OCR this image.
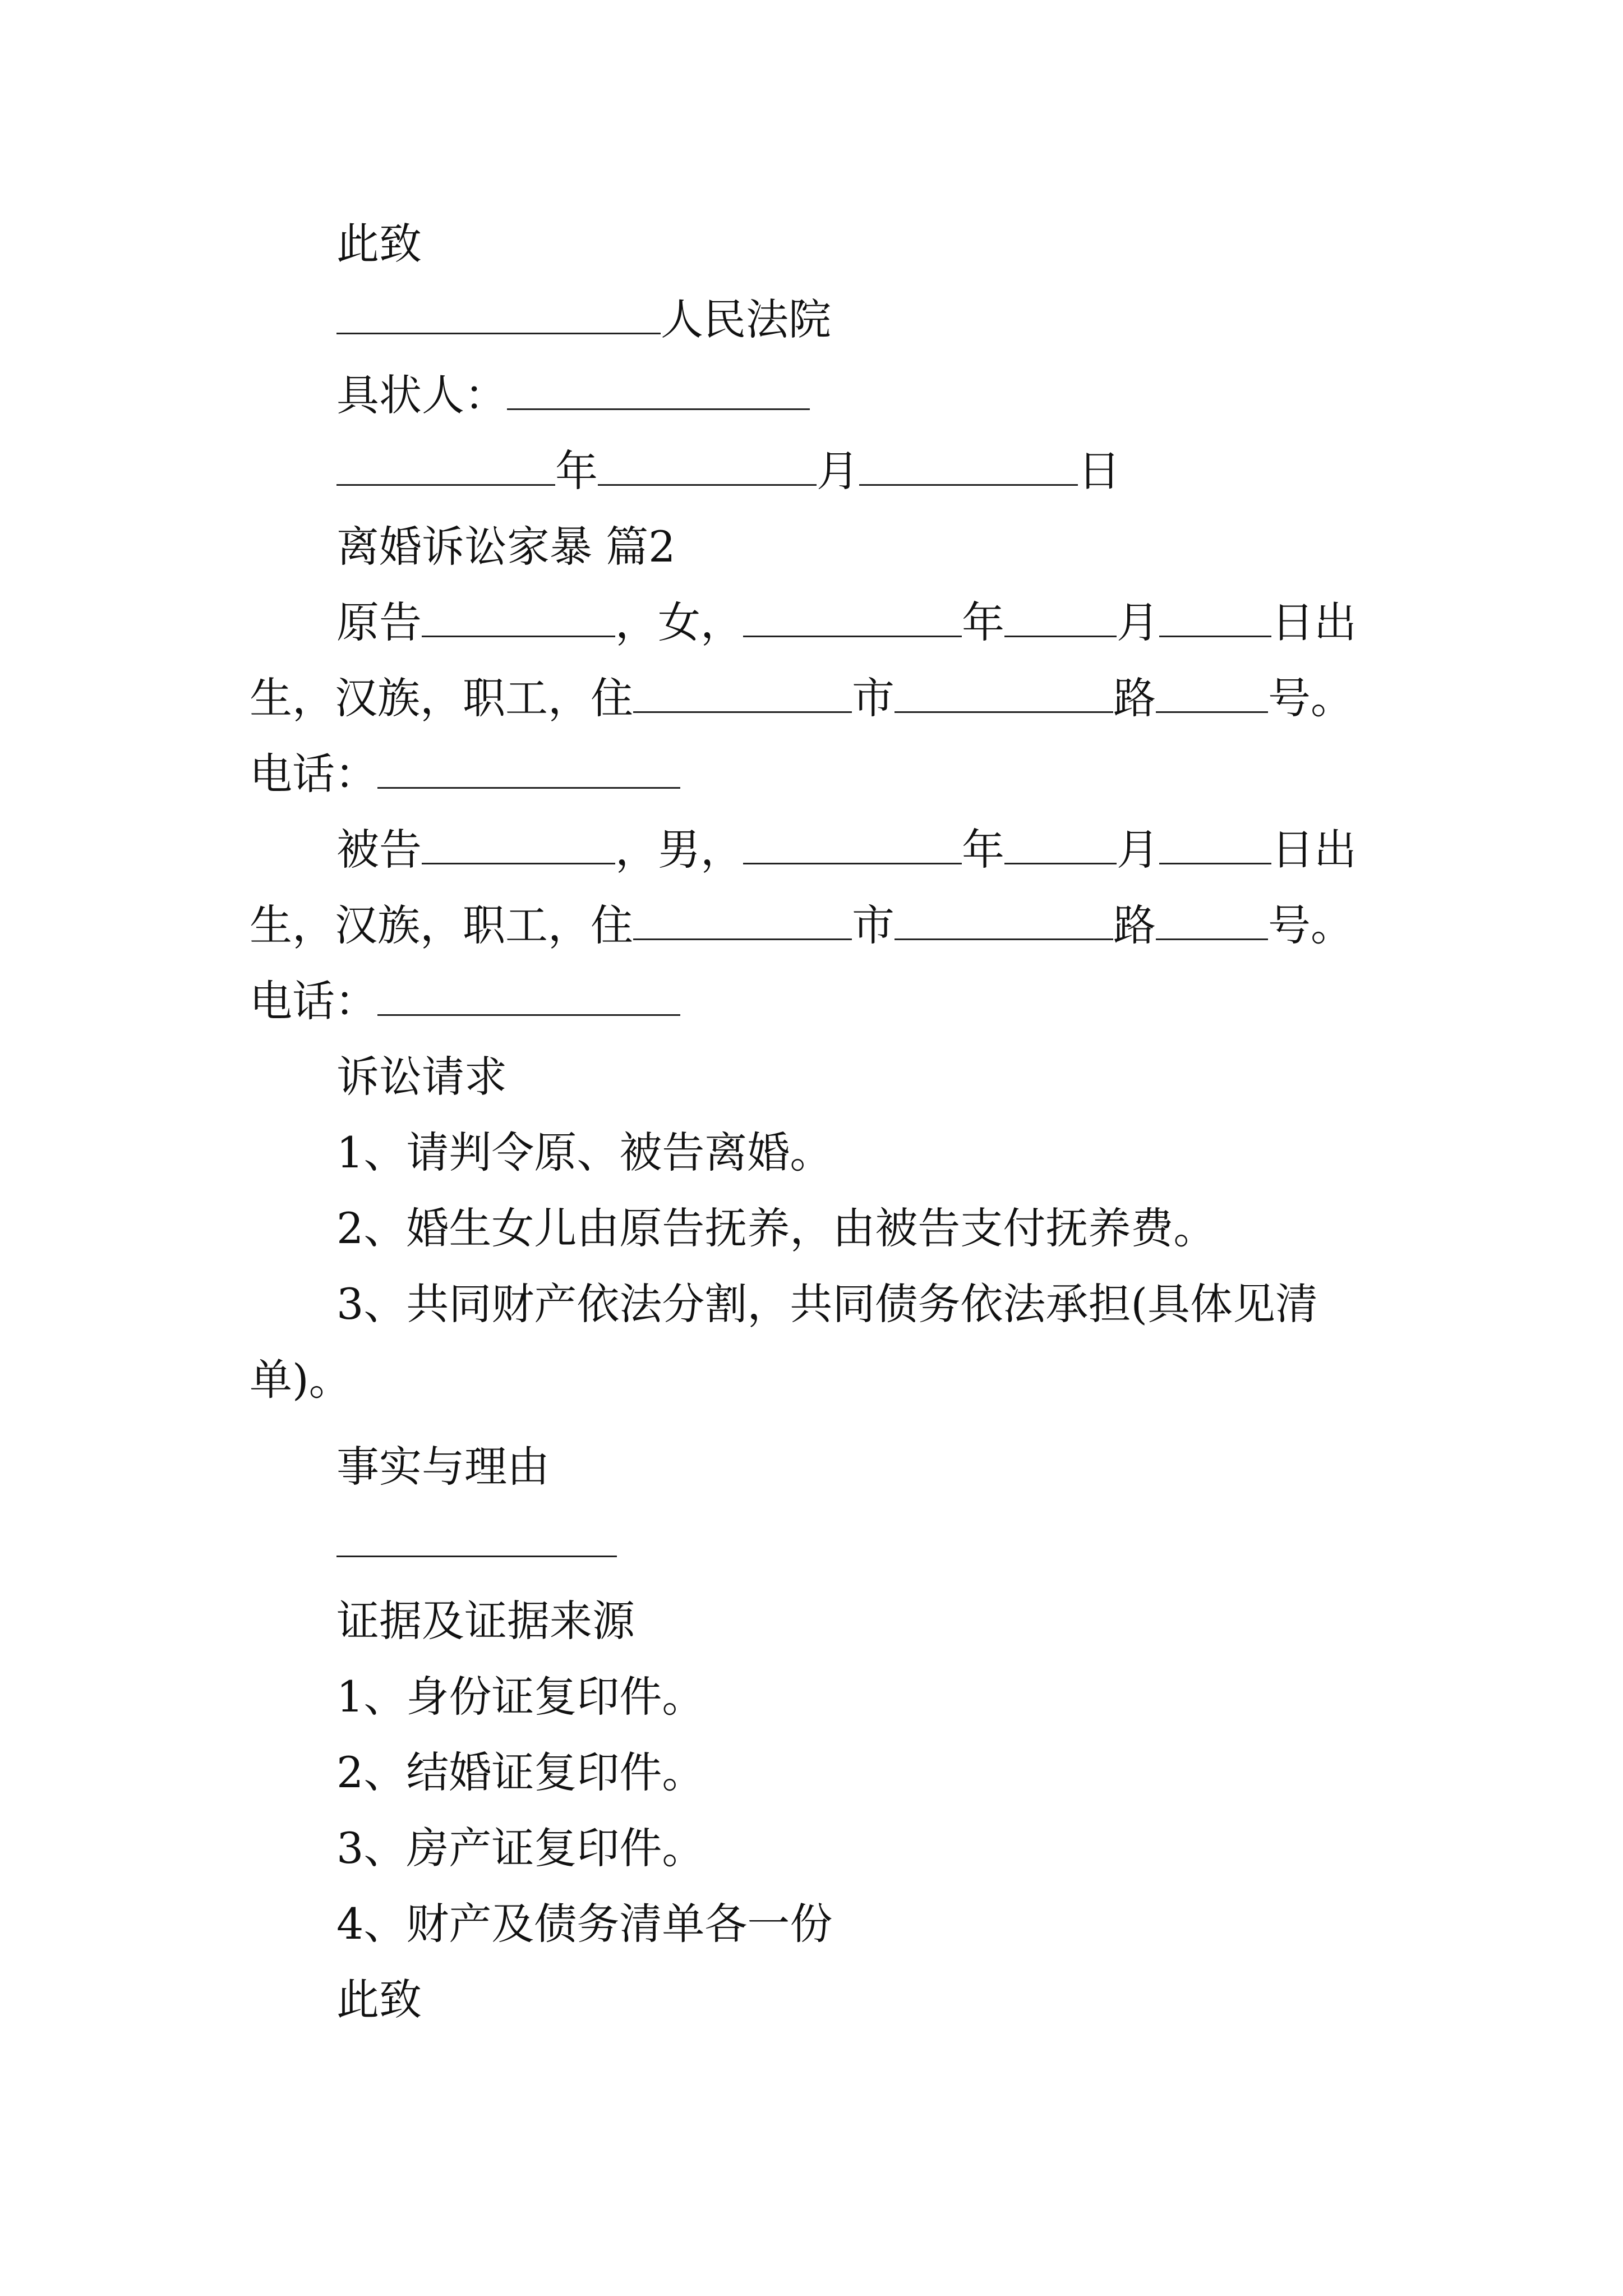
此致
人民法院
具状人：
年	月	日
离婚诉讼家暴 篇2
原告	，女，	年	月	日出
生，汉族，职工，住	市	路	号。
电话：
被告	，男，	年	月	日出
生，汉族，职工，住	市	路	号。
电话：
诉讼请求
1、请判令原、被告离婚。
2、婚生女儿由原告抚养，由被告支付抚养费。
3、共同财产依法分割，共同债务依法承担(具体见清
单)。
事实与理由
证据及证据来源
1、身份证复印件。
2、结婚证复印件。
3、房产证复印件。
4、财产及债务清单各一份
此致
